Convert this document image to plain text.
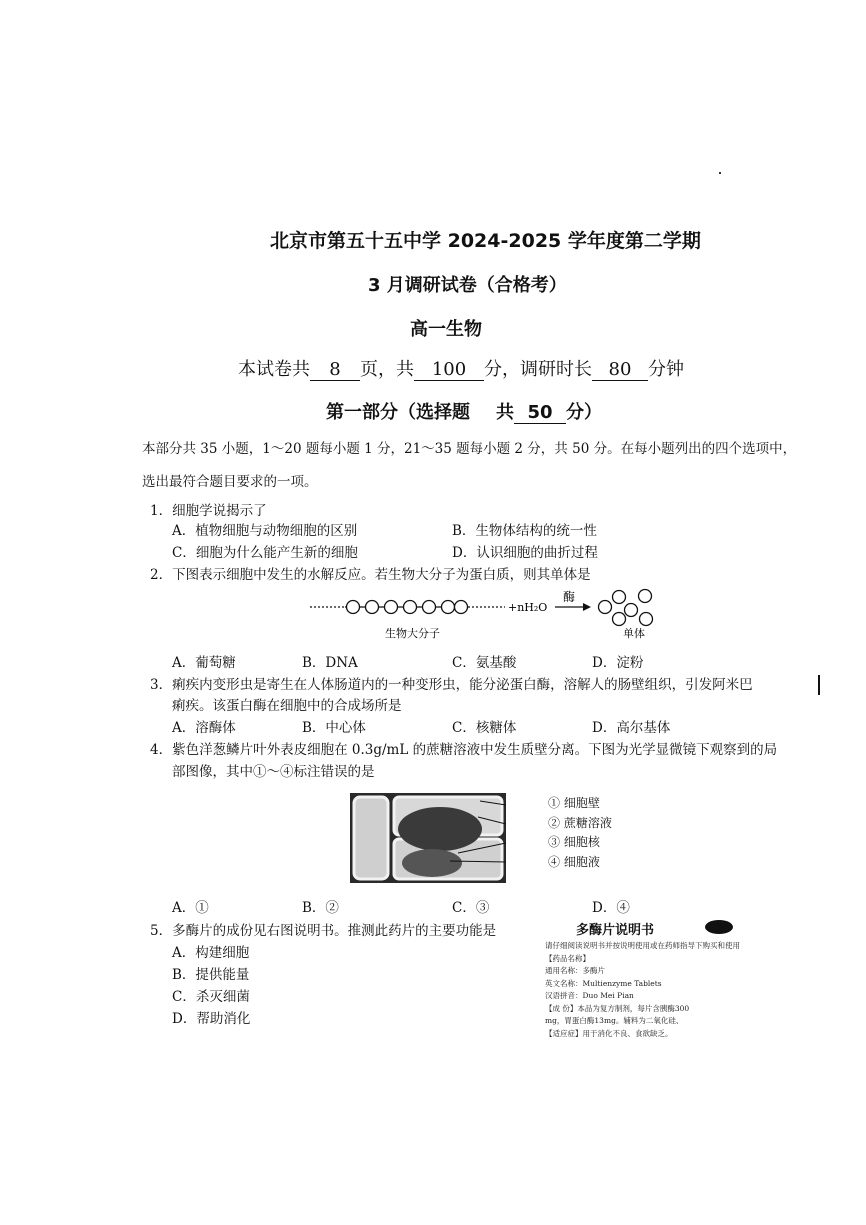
北京市第五十五中学 2024-2025 学年度第二学期
3 月调研试卷（合格考）
高一生物
本试卷共 8 页，共 100 分，调研时长 80 分钟
第一部分（选择题 共 50 分）
本部分共 35 小题，1～20 题每小题 1 分，21～35 题每小题 2 分，共 50 分。在每小题列出的四个选项中，
选出最符合题目要求的一项。
1．细胞学说揭示了
A．植物细胞与动物细胞的区别	B．生物体结构的统一性
C．细胞为什么能产生新的细胞	D．认识细胞的曲折过程
2．下图表示细胞中发生的水解反应。若生物大分子为蛋白质，则其单体是
+nH₂O
酶
生物大分子	单体
A．葡萄糖	B．DNA	C．氨基酸	D．淀粉
3．痢疾内变形虫是寄生在人体肠道内的一种变形虫，能分泌蛋白酶，溶解人的肠壁组织，引发阿米巴
痢疾。该蛋白酶在细胞中的合成场所是
A．溶酶体	B．中心体	C．核糖体	D．高尔基体
4．紫色洋葱鳞片叶外表皮细胞在 0.3g/mL 的蔗糖溶液中发生质壁分离。下图为光学显微镜下观察到的局
部图像，其中①～④标注错误的是
① 细胞壁
② 蔗糖溶液
③ 细胞核
④ 细胞液
A．①	B．②	C．③	D．④
5．多酶片的成份见右图说明书。推测此药片的主要功能是
A．构建细胞
B．提供能量
C．杀灭细菌
D．帮助消化
多酶片说明书
请仔细阅读说明书并按说明使用或在药师指导下购买和使用
【药品名称】
通用名称：多酶片
英文名称：Multienzyme Tablets
汉语拼音：Duo Mei Pian
【成 份】本品为复方制剂，每片含胰酶300
mg，胃蛋白酶13mg。辅料为二氧化硅、
【适应症】用于消化不良、食欲缺乏。
